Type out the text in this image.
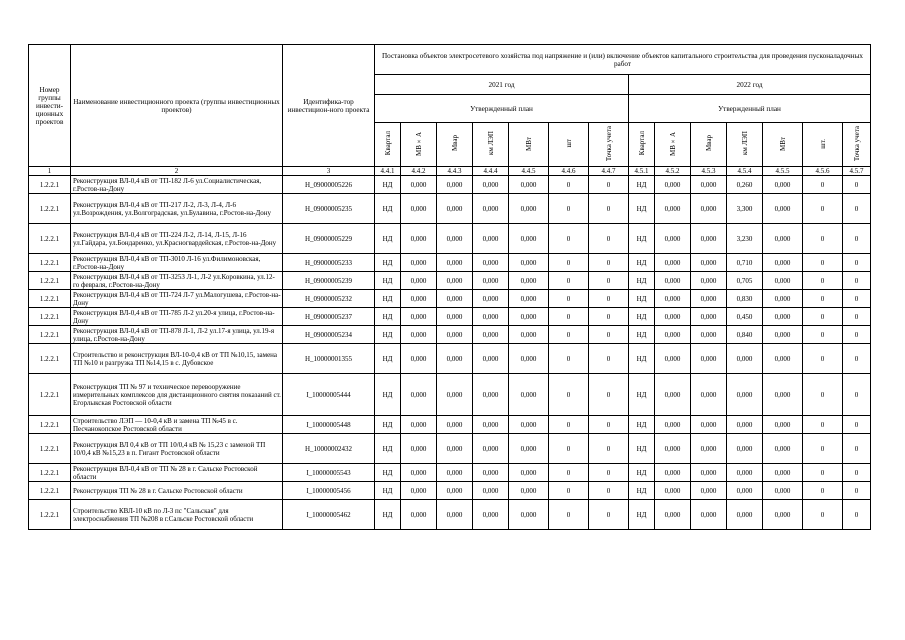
Номер группы инвести-ционных проектов	Наименование инвестиционного проекта (группы инвестиционных проектов)	Идентифика-тор инвестицион-ного проекта	Постановка объектов электросетевого хозяйства под напряжение и (или) включение объектов капитального строительства для проведения пусконаладочных работ													
			2021 год							2022 год						
			Утвержденный план							Утвержденный план						
			Квартал	МВ×А	Мвар	км ЛЭП	МВт	шт	Точка учета	Квартал	МВ×А	Мвар	км ЛЭП	МВт	шт.	Точка учета
1	2	3	4.4.1	4.4.2	4.4.3	4.4.4	4.4.5	4.4.6	4.4.7	4.5.1	4.5.2	4.5.3	4.5.4	4.5.5	4.5.6	4.5.7
1.2.2.1	Реконструкция ВЛ-0,4 кВ от ТП-182 Л-6 ул.Социалистическая, г.Ростов-на-Дону	H_09000005226	НД	0,000	0,000	0,000	0,000	0	0	НД	0,000	0,000	0,260	0,000	0	0
1.2.2.1	Реконструкция ВЛ-0,4 кВ от ТП-217 Л-2, Л-3, Л-4, Л-6 ул.Возрождения, ул.Волгоградская, ул.Булавина, г.Ростов-на-Дону	H_09000005235	НД	0,000	0,000	0,000	0,000	0	0	НД	0,000	0,000	3,300	0,000	0	0
1.2.2.1	Реконструкция ВЛ-0,4 кВ от ТП-224 Л-2, Л-14, Л-15, Л-16 ул.Гайдара, ул.Бондаренко, ул.Красногвардейская, г.Ростов-на-Дону	H_09000005229	НД	0,000	0,000	0,000	0,000	0	0	НД	0,000	0,000	3,230	0,000	0	0
1.2.2.1	Реконструкция ВЛ-0,4 кВ от ТП-3010 Л-16 ул.Филимоновская, г.Ростов-на-Дону	H_09000005233	НД	0,000	0,000	0,000	0,000	0	0	НД	0,000	0,000	0,710	0,000	0	0
1.2.2.1	Реконструкция ВЛ-0,4 кВ от ТП-3253 Л-1, Л-2 ул.Коровкина, ул.12-го февраля, г.Ростов-на-Дону	H_09000005239	НД	0,000	0,000	0,000	0,000	0	0	НД	0,000	0,000	0,705	0,000	0	0
1.2.2.1	Реконструкция ВЛ-0,4 кВ от ТП-724 Л-7 ул.Малогушева, г.Ростов-на-Дону	H_09000005232	НД	0,000	0,000	0,000	0,000	0	0	НД	0,000	0,000	0,830	0,000	0	0
1.2.2.1	Реконструкция ВЛ-0,4 кВ от ТП-785 Л-2 ул.20-я улица, г.Ростов-на-Дону	H_09000005237	НД	0,000	0,000	0,000	0,000	0	0	НД	0,000	0,000	0,450	0,000	0	0
1.2.2.1	Реконструкция ВЛ-0,4 кВ от ТП-878 Л-1, Л-2 ул.17-я улица, ул.19-я улица, г.Ростов-на-Дону	H_09000005234	НД	0,000	0,000	0,000	0,000	0	0	НД	0,000	0,000	0,840	0,000	0	0
1.2.2.1	Строительство и реконструкция ВЛ-10-0,4 кВ от ТП №10,15, замена ТП №10 и разгрузка ТП №14,15 в с. Дубовское	H_10000001355	НД	0,000	0,000	0,000	0,000	0	0	НД	0,000	0,000	0,000	0,000	0	0
1.2.2.1	Реконструкция ТП № 97 и техническое перевооружение измерительных комплексов для дистанционного снятия показаний ст. Егорлыкская Ростовской области	I_10000005444	НД	0,000	0,000	0,000	0,000	0	0	НД	0,000	0,000	0,000	0,000	0	0
1.2.2.1	Строительство ЛЭП — 10-0,4 кВ и замена ТП №45 в с. Песчанокопское Ростовской области	I_10000005448	НД	0,000	0,000	0,000	0,000	0	0	НД	0,000	0,000	0,000	0,000	0	0
1.2.2.1	Реконструкция ВЛ 0,4 кВ от ТП 10/0,4 кВ № 15,23 с заменой ТП 10/0,4 кВ №15,23 в п. Гигант Ростовской области	H_10000002432	НД	0,000	0,000	0,000	0,000	0	0	НД	0,000	0,000	0,000	0,000	0	0
1.2.2.1	Реконструкция ВЛ-0,4 кВ от ТП № 28 в г. Сальске Ростовской области	I_10000005543	НД	0,000	0,000	0,000	0,000	0	0	НД	0,000	0,000	0,000	0,000	0	0
1.2.2.1	Реконструкция ТП № 28 в г. Сальске Ростовской области	I_10000005456	НД	0,000	0,000	0,000	0,000	0	0	НД	0,000	0,000	0,000	0,000	0	0
1.2.2.1	Строительство КВЛ-10 кВ по Л-3 пс "Сальская" для электроснабжения ТП №208 в г.Сальске Ростовской области	I_10000005462	НД	0,000	0,000	0,000	0,000	0	0	НД	0,000	0,000	0,000	0,000	0	0
